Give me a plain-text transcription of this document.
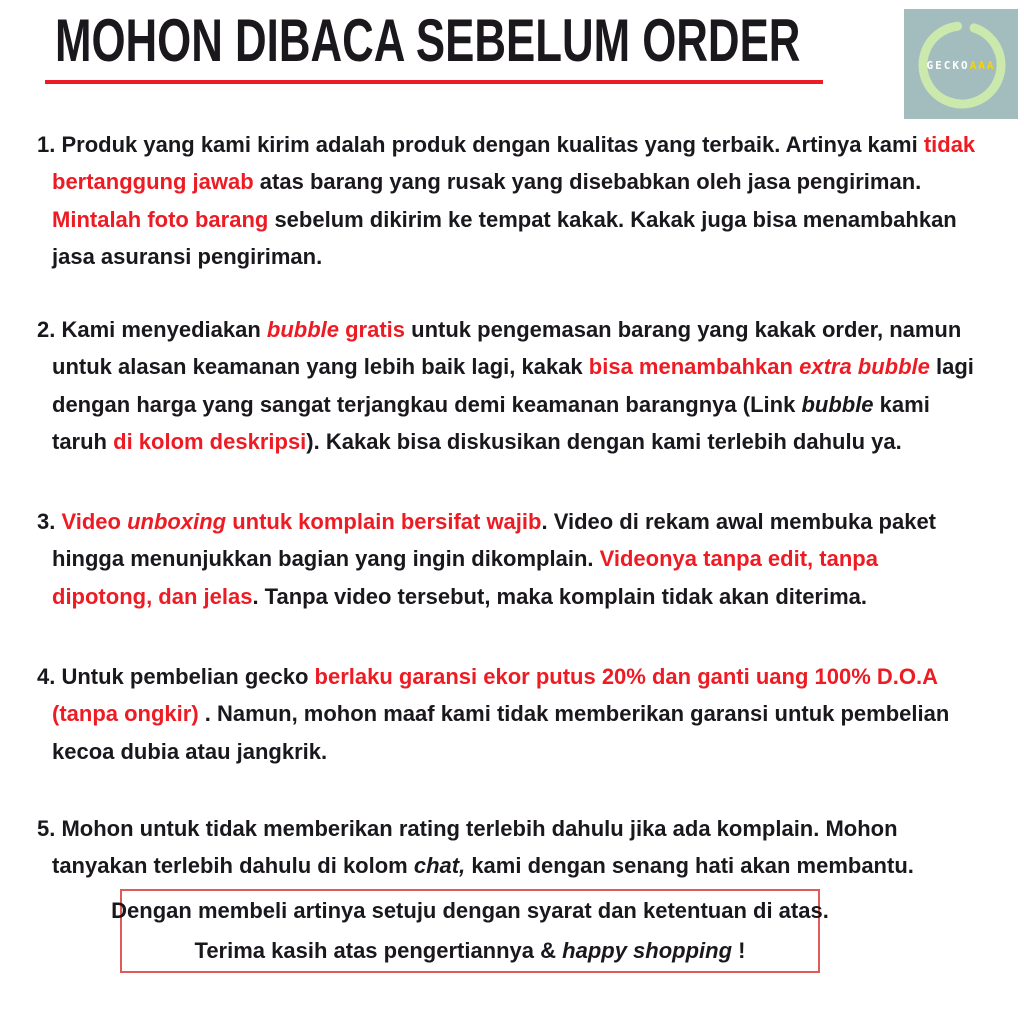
MOHON DIBACA SEBELUM ORDER	GECKOAAA
1. Produk yang kami kirim adalah produk dengan kualitas yang terbaik. Artinya kami tidak
bertanggung jawab atas barang yang rusak yang disebabkan oleh jasa pengiriman.
Mintalah foto barang sebelum dikirim ke tempat kakak. Kakak juga bisa menambahkan
jasa asuransi pengiriman.
2. Kami menyediakan bubble gratis untuk pengemasan barang yang kakak order, namun
untuk alasan keamanan yang lebih baik lagi, kakak bisa menambahkan extra bubble lagi
dengan harga yang sangat terjangkau demi keamanan barangnya (Link bubble kami
taruh di kolom deskripsi). Kakak bisa diskusikan dengan kami terlebih dahulu ya.
3. Video unboxing untuk komplain bersifat wajib. Video di rekam awal membuka paket
hingga menunjukkan bagian yang ingin dikomplain. Videonya tanpa edit, tanpa
dipotong, dan jelas. Tanpa video tersebut, maka komplain tidak akan diterima.
4. Untuk pembelian gecko berlaku garansi ekor putus 20% dan ganti uang 100% D.O.A
(tanpa ongkir) . Namun, mohon maaf kami tidak memberikan garansi untuk pembelian
kecoa dubia atau jangkrik.
5. Mohon untuk tidak memberikan rating terlebih dahulu jika ada komplain. Mohon
tanyakan terlebih dahulu di kolom chat, kami dengan senang hati akan membantu.
Dengan membeli artinya setuju dengan syarat dan ketentuan di atas.
Terima kasih atas pengertiannya & happy shopping !
